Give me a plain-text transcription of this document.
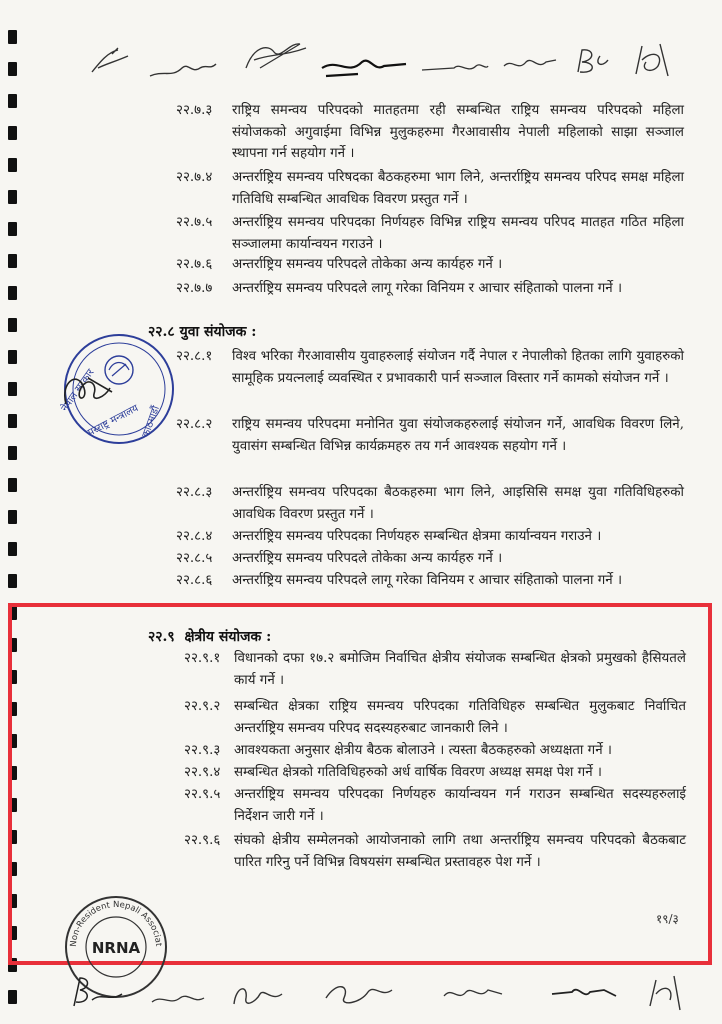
२२.७.३ राष्ट्रिय समन्वय परिपदको मातहतमा रही सम्बन्धित राष्ट्रिय समन्वय परिपदको महिला संयोजकको अगुवाईमा विभिन्न मुलुकहरुमा गैरआवासीय नेपाली महिलाको साझा सञ्जाल स्थापना गर्न सहयोग गर्ने ।
२२.७.४ अन्तर्राष्ट्रिय समन्वय परिषदका बैठकहरुमा भाग लिने, अन्तर्राष्ट्रिय समन्वय परिपद समक्ष महिला गतिविधि सम्बन्धित आवधिक विवरण प्रस्तुत गर्ने ।
२२.७.५ अन्तर्राष्ट्रिय समन्वय परिपदका निर्णयहरु विभिन्न राष्ट्रिय समन्वय परिपद मातहत गठित महिला सञ्जालमा कार्यान्वयन गराउने ।
२२.७.६ अन्तर्राष्ट्रिय समन्वय परिपदले तोकेका अन्य कार्यहरु गर्ने ।
२२.७.७ अन्तर्राष्ट्रिय समन्वय परिपदले लागू गरेका विनियम र आचार संहिताको पालना गर्ने ।
२२.८ युवा संयोजक :
२२.८.१ विश्व भरिका गैरआवासीय युवाहरुलाई संयोजन गर्दै नेपाल र नेपालीको हितका लागि युवाहरुको सामूहिक प्रयत्नलाई व्यवस्थित र प्रभावकारी पार्न सञ्जाल विस्तार गर्ने कामको संयोजन गर्ने ।
२२.८.२ राष्ट्रिय समन्वय परिपदमा मनोनित युवा संयोजकहरुलाई संयोजन गर्ने, आवधिक विवरण लिने, युवासंग सम्बन्धित विभिन्न कार्यक्रमहरु तय गर्न आवश्यक सहयोग गर्ने ।
२२.८.३ अन्तर्राष्ट्रिय समन्वय परिपदका बैठकहरुमा भाग लिने, आइसिसि समक्ष युवा गतिविधिहरुको आवधिक विवरण प्रस्तुत गर्ने ।
२२.८.४ अन्तर्राष्ट्रिय समन्वय परिपदका निर्णयहरु सम्बन्धित क्षेत्रमा कार्यान्वयन गराउने ।
२२.८.५ अन्तर्राष्ट्रिय समन्वय परिपदले तोकेका अन्य कार्यहरु गर्ने ।
२२.८.६ अन्तर्राष्ट्रिय समन्वय परिपदले लागू गरेका विनियम र आचार संहिताको पालना गर्ने ।
नेपाल सरकार
परराष्ट्र मन्त्रालय काठमाडौं
२२.९ क्षेत्रीय संयोजक :
२२.९.१ विधानको दफा १७.२ बमोजिम निर्वाचित क्षेत्रीय संयोजक सम्बन्धित क्षेत्रको प्रमुखको हैसियतले कार्य गर्ने ।
२२.९.२ सम्बन्धित क्षेत्रका राष्ट्रिय समन्वय परिपदका गतिविधिहरु सम्बन्धित मुलुकबाट निर्वाचित अन्तर्राष्ट्रिय समन्वय परिपद सदस्यहरुबाट जानकारी लिने ।
२२.९.३ आवश्यकता अनुसार क्षेत्रीय बैठक बोलाउने । त्यस्ता बैठकहरुको अध्यक्षता गर्ने ।
२२.९.४ सम्बन्धित क्षेत्रको गतिविधिहरुको अर्ध वार्षिक विवरण अध्यक्ष समक्ष पेश गर्ने ।
२२.९.५ अन्तर्राष्ट्रिय समन्वय परिपदका निर्णयहरु कार्यान्वयन गर्न गराउन सम्बन्धित सदस्यहरुलाई निर्देशन जारी गर्ने ।
२२.९.६ संघको क्षेत्रीय सम्मेलनको आयोजनाको लागि तथा अन्तर्राष्ट्रिय समन्वय परिपदको बैठकबाट पारित गरिनु पर्ने विभिन्न विषयसंग सम्बन्धित प्रस्तावहरु पेश गर्ने ।
Non-Resident Nepali Associat
NRNA
१९/३
